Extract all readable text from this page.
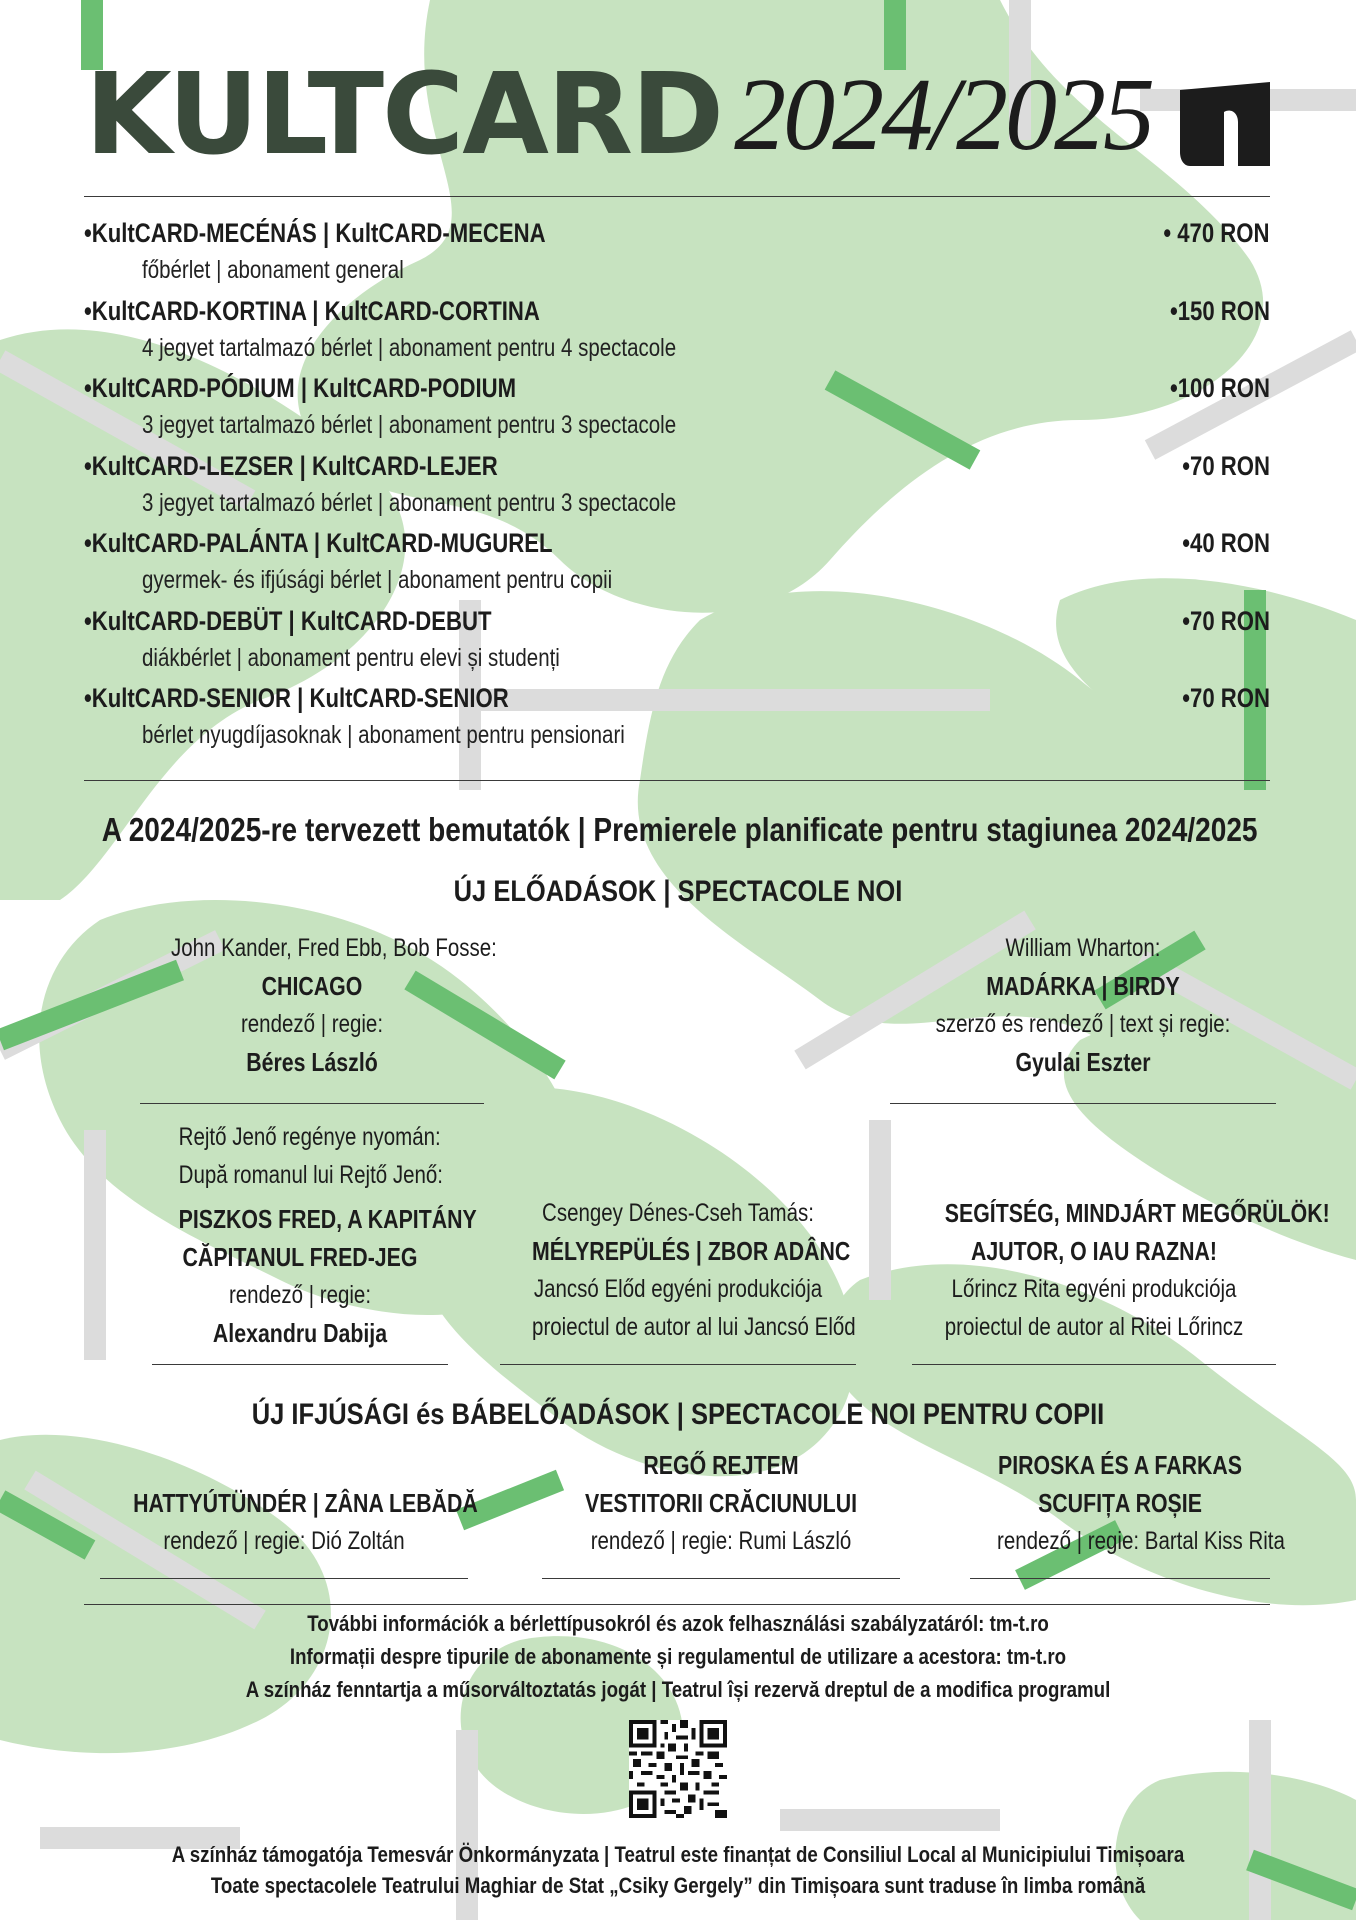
KULTCARD 2024/2025
•KultCARD-MECÉNÁS | KultCARD-MECENA	• 470 RON
főbérlet | abonament general
•KultCARD-KORTINA | KultCARD-CORTINA	•150 RON
4 jegyet tartalmazó bérlet | abonament pentru 4 spectacole
•KultCARD-PÓDIUM | KultCARD-PODIUM	•100 RON
3 jegyet tartalmazó bérlet | abonament pentru 3 spectacole
•KultCARD-LEZSER | KultCARD-LEJER	•70 RON
3 jegyet tartalmazó bérlet | abonament pentru 3 spectacole
•KultCARD-PALÁNTA | KultCARD-MUGUREL	•40 RON
gyermek- és ifjúsági bérlet | abonament pentru copii
•KultCARD-DEBÜT | KultCARD-DEBUT	•70 RON
diákbérlet | abonament pentru elevi și studenți
•KultCARD-SENIOR | KultCARD-SENIOR	•70 RON
bérlet nyugdíjasoknak | abonament pentru pensionari
A 2024/2025-re tervezett bemutatók | Premierele planificate pentru stagiunea 2024/2025
ÚJ ELŐADÁSOK | SPECTACOLE NOI
John Kander, Fred Ebb, Bob Fosse:
CHICAGO
rendező | regie:
Béres László
William Wharton:
MADÁRKA | BIRDY
szerző és rendező | text și regie:
Gyulai Eszter
Rejtő Jenő regénye nyomán:
După romanul lui Rejtő Jenő:
PISZKOS FRED, A KAPITÁNY
CĂPITANUL FRED-JEG
rendező | regie:
Alexandru Dabija
Csengey Dénes-Cseh Tamás:
MÉLYREPÜLÉS | ZBOR ADÂNC
Jancsó Előd egyéni produkciója
proiectul de autor al lui Jancsó Előd
SEGÍTSÉG, MINDJÁRT MEGŐRÜLÖK!
AJUTOR, O IAU RAZNA!
Lőrincz Rita egyéni produkciója
proiectul de autor al Ritei Lőrincz
ÚJ IFJÚSÁGI és BÁBELŐADÁSOK | SPECTACOLE NOI PENTRU COPII
HATTYÚTÜNDÉR | ZÂNA LEBĂDĂ
rendező | regie: Dió Zoltán
REGŐ REJTEM
VESTITORII CRĂCIUNULUI
rendező | regie: Rumi László
PIROSKA ÉS A FARKAS
SCUFIȚA ROȘIE
rendező | regie: Bartal Kiss Rita
További információk a bérlettípusokról és azok felhasználási szabályzatáról: tm-t.ro
Informații despre tipurile de abonamente și regulamentul de utilizare a acestora: tm-t.ro
A színház fenntartja a műsorváltoztatás jogát | Teatrul își rezervă dreptul de a modifica programul
A színház támogatója Temesvár Önkormányzata | Teatrul este finanțat de Consiliul Local al Municipiului Timișoara
Toate spectacolele Teatrului Maghiar de Stat „Csiky Gergely” din Timișoara sunt traduse în limba română
